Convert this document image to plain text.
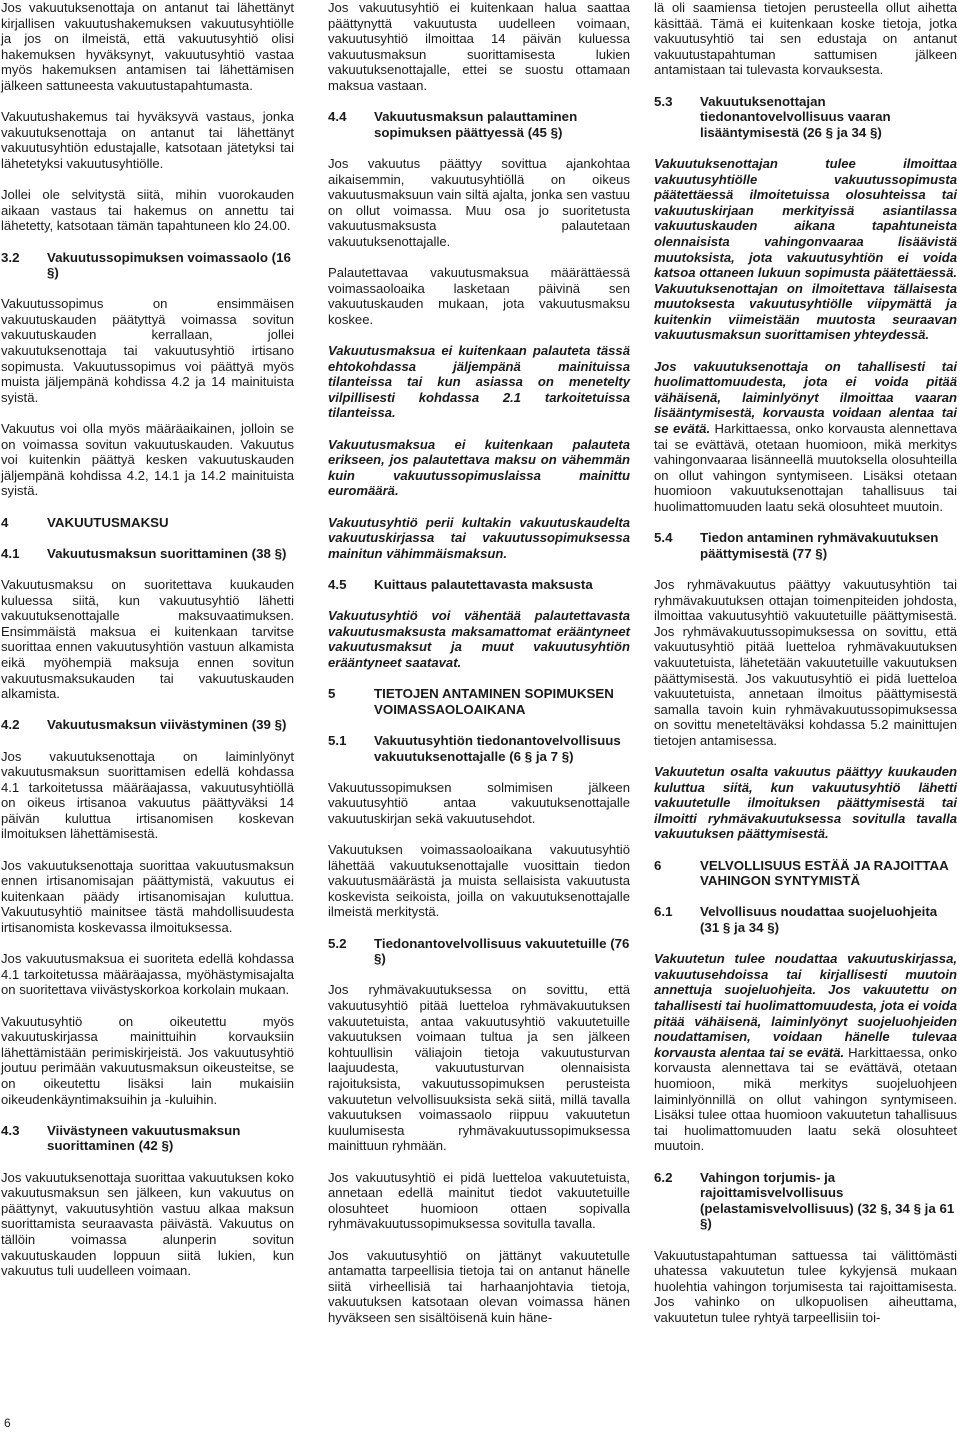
Jos vakuutuksenottaja on antanut tai lähettänyt kirjallisen vakuutushakemuksen vakuutusyhtiölle ja jos on ilmeistä, että vakuutusyhtiö olisi hakemuksen hyväksynyt, vakuutusyhtiö vastaa myös hakemuksen antamisen tai lähettämisen jälkeen sattuneesta vakuutustapahtumasta.

Vakuutushakemus tai hyväksyvä vastaus, jonka vakuutuksenottaja on antanut tai lähettänyt vakuutusyhtiön edustajalle, katsotaan jätetyksi tai lähetetyksi vakuutusyhtiölle.

Jollei ole selvitystä siitä, mihin vuorokauden aikaan vastaus tai hakemus on annettu tai lähetetty, katsotaan tämän tapahtuneen klo 24.00.

3.2	Vakuutussopimuksen voimassaolo (16 §)

Vakuutussopimus on ensimmäisen vakuutuskauden päätyttyä voimassa sovitun vakuutuskauden kerrallaan, jollei vakuutuksenottaja tai vakuutusyhtiö irtisano sopimusta. Vakuutussopimus voi päättyä myös muista jäljempänä kohdissa 4.2 ja 14 mainituista syistä.

Vakuutus voi olla myös määräaikainen, jolloin se on voimassa sovitun vakuutuskauden. Vakuutus voi kuitenkin päättyä kesken vakuutuskauden jäljempänä kohdissa 4.2, 14.1 ja 14.2 mainituista syistä.

4	VAKUUTUSMAKSU
4.1	Vakuutusmaksun suorittaminen (38 §)

Vakuutusmaksu on suoritettava kuukauden kuluessa siitä, kun vakuutusyhtiö lähetti vakuutuksenottajalle maksuvaatimuksen. Ensimmäistä maksua ei kuitenkaan tarvitse suorittaa ennen vakuutusyhtiön vastuun alkamista eikä myöhempiä maksuja ennen sovitun vakuutusmaksukauden tai vakuutuskauden alkamista.

4.2	Vakuutusmaksun viivästyminen (39 §)

Jos vakuutuksenottaja on laiminlyönyt vakuutusmaksun suorittamisen edellä kohdassa 4.1 tarkoitetussa määräajassa, vakuutusyhtiöllä on oikeus irtisanoa vakuutus päättyväksi 14 päivän kuluttua irtisanomisen koskevan ilmoituksen lähettämisestä.

Jos vakuutuksenottaja suorittaa vakuutusmaksun ennen irtisanomisajan päättymistä, vakuutus ei kuitenkaan päädy irtisanomisajan kuluttua. Vakuutusyhtiö mainitsee tästä mahdollisuudesta irtisanomista koskevassa ilmoituksessa.

Jos vakuutusmaksua ei suoriteta edellä kohdassa 4.1 tarkoitetussa määräajassa, myöhästymisajalta on suoritettava viivästyskorkoa korkolain mukaan.

Vakuutusyhtiö on oikeutettu myös vakuutuskirjassa mainittuihin korvauksiin lähettämistään perimiskirjeistä. Jos vakuutusyhtiö joutuu perimään vakuutusmaksun oikeusteitse, se on oikeutettu lisäksi lain mukaisiin oikeudenkäyntimaksuihin ja -kuluihin.

4.3	Viivästyneen vakuutusmaksun suorittaminen (42 §)

Jos vakuutuksenottaja suorittaa vakuutuksen koko vakuutusmaksun sen jälkeen, kun vakuutus on päättynyt, vakuutusyhtiön vastuu alkaa maksun suorittamista seuraavasta päivästä. Vakuutus on tällöin voimassa alunperin sovitun vakuutuskauden loppuun siitä lukien, kun vakuutus tuli uudelleen voimaan.

Jos vakuutusyhtiö ei kuitenkaan halua saattaa päättynyttä vakuutusta uudelleen voimaan, vakuutusyhtiö ilmoittaa 14 päivän kuluessa vakuutusmaksun suorittamisesta lukien vakuutuksenottajalle, ettei se suostu ottamaan maksua vastaan.

4.4	Vakuutusmaksun palauttaminen sopimuksen päättyessä (45 §)

Jos vakuutus päättyy sovittua ajankohtaa aikaisemmin, vakuutusyhtiöllä on oikeus vakuutusmaksuun vain siltä ajalta, jonka sen vastuu on ollut voimassa. Muu osa jo suoritetusta vakuutusmaksusta palautetaan vakuutuksenottajalle.

Palautettavaa vakuutusmaksua määrättäessä voimassaoloaika lasketaan päivinä sen vakuutuskauden mukaan, jota vakuutusmaksu koskee.

Vakuutusmaksua ei kuitenkaan palauteta tässä ehtokohdassa jäljempänä mainituissa tilanteissa tai kun asiassa on menetelty vilpillisesti kohdassa 2.1 tarkoitetuissa tilanteissa.

Vakuutusmaksua ei kuitenkaan palauteta erikseen, jos palautettava maksu on vähemmän kuin vakuutussopimuslaissa mainittu euromäärä.

Vakuutusyhtiö perii kultakin vakuutuskaudelta vakuutuskirjassa tai vakuutussopimuksessa mainitun vähimmäismaksun.

4.5	Kuittaus palautettavasta maksusta

Vakuutusyhtiö voi vähentää palautettavasta vakuutusmaksusta maksamattomat erääntyneet vakuutusmaksut ja muut vakuutusyhtiön erääntyneet saatavat.

5	TIETOJEN ANTAMINEN SOPIMUKSEN VOIMASSAOLOAIKANA
5.1	Vakuutusyhtiön tiedonantovelvollisuus vakuutuksenottajalle (6 § ja 7 §)

Vakuutussopimuksen solmimisen jälkeen vakuutusyhtiö antaa vakuutuksenottajalle vakuutuskirjan sekä vakuutusehdot.

Vakuutuksen voimassaoloaikana vakuutusyhtiö lähettää vakuutuksenottajalle vuosittain tiedon vakuutusmäärästä ja muista sellaisista vakuutusta koskevista seikoista, joilla on vakuutuksenottajalle ilmeistä merkitystä.

5.2	Tiedonantovelvollisuus vakuutetuille (76 §)

Jos ryhmävakuutuksessa on sovittu, että vakuutusyhtiö pitää luetteloa ryhmävakuutuksen vakuutetuista, antaa vakuutusyhtiö vakuutetuille vakuutuksen voimaan tultua ja sen jälkeen kohtuullisin väliajoin tietoja vakuutusturvan laajuudesta, vakuutusturvan olennaisista rajoituksista, vakuutussopimuksen perusteista vakuutetun velvollisuuksista sekä siitä, millä tavalla vakuutuksen voimassaolo riippuu vakuutetun kuulumisesta ryhmävakuutussopimuksessa mainittuun ryhmään.

Jos vakuutusyhtiö ei pidä luetteloa vakuutetuista, annetaan edellä mainitut tiedot vakuutetuille olosuhteet huomioon ottaen sopivalla ryhmävakuutussopimuksessa sovitulla tavalla.

Jos vakuutusyhtiö on jättänyt vakuutetulle antamatta tarpeellisia tietoja tai on antanut hänelle siitä virheellisiä tai harhaanjohtavia tietoja, vakuutuksen katsotaan olevan voimassa hänen hyväkseen sen sisältöisenä kuin häne-

lä oli saamiensa tietojen perusteella ollut aihetta käsittää. Tämä ei kuitenkaan koske tietoja, jotka vakuutusyhtiö tai sen edustaja on antanut vakuutustapahtuman sattumisen jälkeen antamistaan tai tulevasta korvauksesta.

5.3	Vakuutuksenottajan tiedonantovelvollisuus vaaran lisääntymisestä (26 § ja 34 §)

Vakuutuksenottajan tulee ilmoittaa vakuutusyhtiölle vakuutussopimusta päätettäessä ilmoitetuissa olosuhteissa tai vakuutuskirjaan merkityissä asiantilassa vakuutuskauden aikana tapahtuneista olennaisista vahingonvaaraa lisäävistä muutoksista, jota vakuutusyhtiön ei voida katsoa ottaneen lukuun sopimusta päätettäessä. Vakuutuksenottajan on ilmoitettava tällaisesta muutoksesta vakuutusyhtiölle viipymättä ja kuitenkin viimeistään muutosta seuraavan vakuutusmaksun suorittamisen yhteydessä.

Jos vakuutuksenottaja on tahallisesti tai huolimattomuudesta, jota ei voida pitää vähäisenä, laiminlyönyt ilmoittaa vaaran lisääntymisestä, korvausta voidaan alentaa tai se evätä. Harkittaessa, onko korvausta alennettava tai se evättävä, otetaan huomioon, mikä merkitys vahingonvaaraa lisänneellä muutoksella olosuhteilla on ollut vahingon syntymiseen. Lisäksi otetaan huomioon vakuutuksenottajan tahallisuus tai huolimattomuuden laatu sekä olosuhteet muutoin.

5.4	Tiedon antaminen ryhmävakuutuksen päättymisestä (77 §)

Jos ryhmävakuutus päättyy vakuutusyhtiön tai ryhmävakuutuksen ottajan toimenpiteiden johdosta, ilmoittaa vakuutusyhtiö vakuutetuille päättymisestä. Jos ryhmävakuutussopimuksessa on sovittu, että vakuutusyhtiö pitää luetteloa ryhmävakuutuksen vakuutetuista, lähetetään vakuutetuille vakuutuksen päättymisestä. Jos vakuutusyhtiö ei pidä luetteloa vakuutetuista, annetaan ilmoitus päättymisestä samalla tavoin kuin ryhmävakuutussopimuksessa on sovittu meneteltäväksi kohdassa 5.2 mainittujen tietojen antamisessa.

Vakuutetun osalta vakuutus päättyy kuukauden kuluttua siitä, kun vakuutusyhtiö lähetti vakuutetulle ilmoituksen päättymisestä tai ilmoitti ryhmävakuutuksessa sovitulla tavalla vakuutuksen päättymisestä.

6	VELVOLLISUUS ESTÄÄ JA RAJOITTAA VAHINGON SYNTYMISTÄ
6.1	Velvollisuus noudattaa suojeluohjeita (31 § ja 34 §)

Vakuutetun tulee noudattaa vakuutuskirjassa, vakuutusehdoissa tai kirjallisesti muutoin annettuja suojeluohjeita. Jos vakuutettu on tahallisesti tai huolimattomuudesta, jota ei voida pitää vähäisenä, laiminlyönyt suojeluohjeiden noudattamisen, voidaan hänelle tulevaa korvausta alentaa tai se evätä. Harkittaessa, onko korvausta alennettava tai se evättävä, otetaan huomioon, mikä merkitys suojeluohjeen laiminlyönnillä on ollut vahingon syntymiseen. Lisäksi tulee ottaa huomioon vakuutetun tahallisuus tai huolimattomuuden laatu sekä olosuhteet muutoin.

6.2	Vahingon torjumis- ja rajoittamisvelvollisuus (pelastamisvelvollisuus) (32 §, 34 § ja 61 §)

Vakuutustapahtuman sattuessa tai välittömästi uhatessa vakuutetun tulee kykyjensä mukaan huolehtia vahingon torjumisesta tai rajoittamisesta. Jos vahinko on ulkopuolisen aiheuttama, vakuutetun tulee ryhtyä tarpeellisiin toi-

6
